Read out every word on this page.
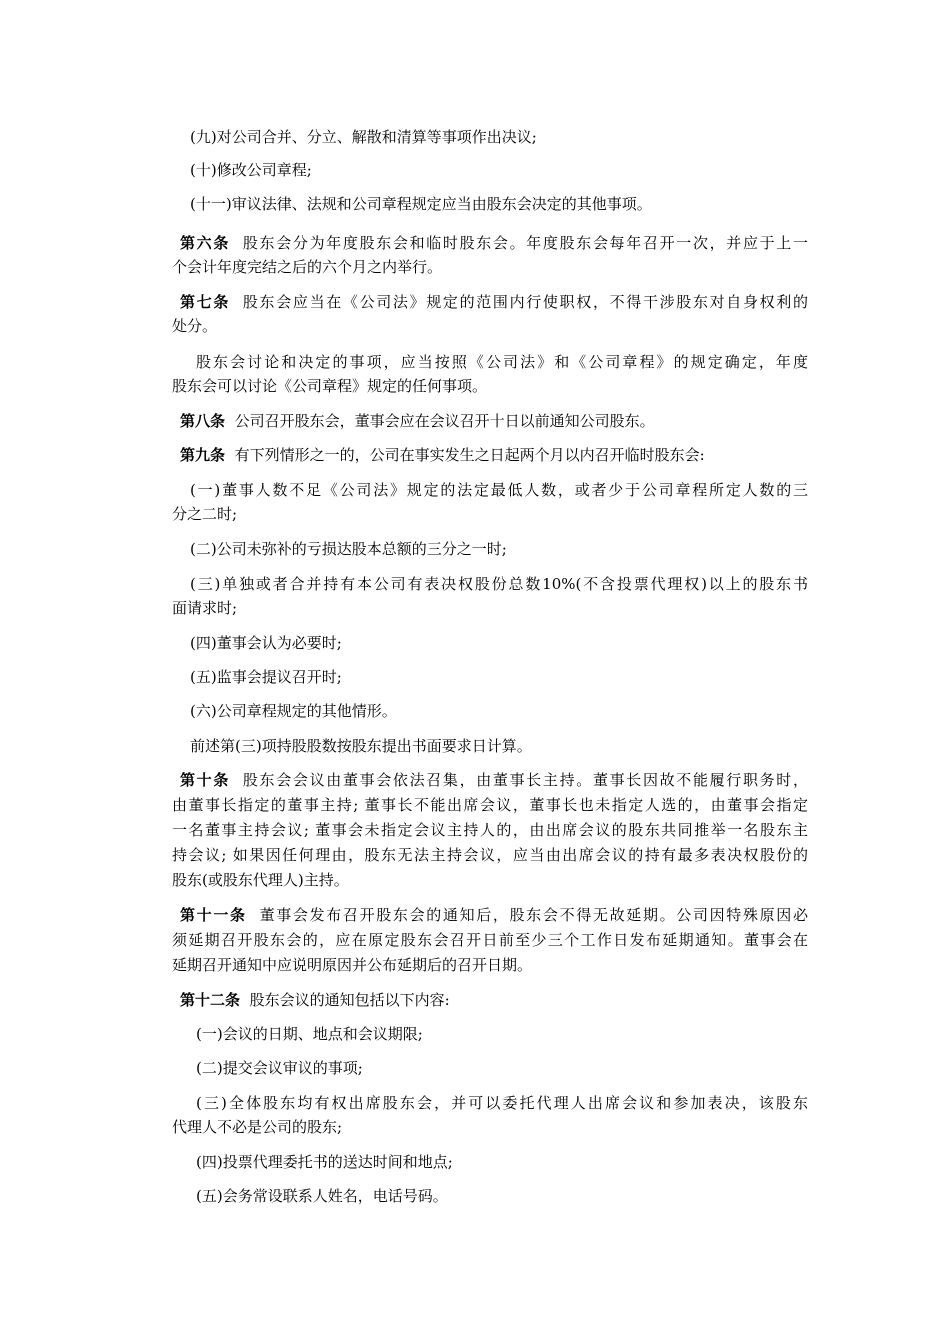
(九)对公司合并、分立、解散和清算等事项作出决议;
(十)修改公司章程;
(十一)审议法律、法规和公司章程规定应当由股东会决定的其他事项。
第六条 股东会分为年度股东会和临时股东会。年度股东会每年召开一次，并应于上一
个会计年度完结之后的六个月之内举行。
第七条 股东会应当在《公司法》规定的范围内行使职权，不得干涉股东对自身权利的
处分。
股东会讨论和决定的事项，应当按照《公司法》和《公司章程》的规定确定，年度
股东会可以讨论《公司章程》规定的任何事项。
第八条 公司召开股东会，董事会应在会议召开十日以前通知公司股东。
第九条 有下列情形之一的，公司在事实发生之日起两个月以内召开临时股东会:
(一)董事人数不足《公司法》规定的法定最低人数，或者少于公司章程所定人数的三
分之二时;
(二)公司未弥补的亏损达股本总额的三分之一时;
(三)单独或者合并持有本公司有表决权股份总数10%(不含投票代理权)以上的股东书
面请求时;
(四)董事会认为必要时;
(五)监事会提议召开时;
(六)公司章程规定的其他情形。
前述第(三)项持股股数按股东提出书面要求日计算。
第十条 股东会会议由董事会依法召集，由董事长主持。董事长因故不能履行职务时，
由董事长指定的董事主持; 董事长不能出席会议，董事长也未指定人选的，由董事会指定
一名董事主持会议; 董事会未指定会议主持人的，由出席会议的股东共同推举一名股东主
持会议; 如果因任何理由，股东无法主持会议，应当由出席会议的持有最多表决权股份的
股东(或股东代理人)主持。
第十一条 董事会发布召开股东会的通知后，股东会不得无故延期。公司因特殊原因必
须延期召开股东会的，应在原定股东会召开日前至少三个工作日发布延期通知。董事会在
延期召开通知中应说明原因并公布延期后的召开日期。
第十二条 股东会议的通知包括以下内容:
(一)会议的日期、地点和会议期限;
(二)提交会议审议的事项;
(三)全体股东均有权出席股东会，并可以委托代理人出席会议和参加表决，该股东
代理人不必是公司的股东;
(四)投票代理委托书的送达时间和地点;
(五)会务常设联系人姓名，电话号码。
